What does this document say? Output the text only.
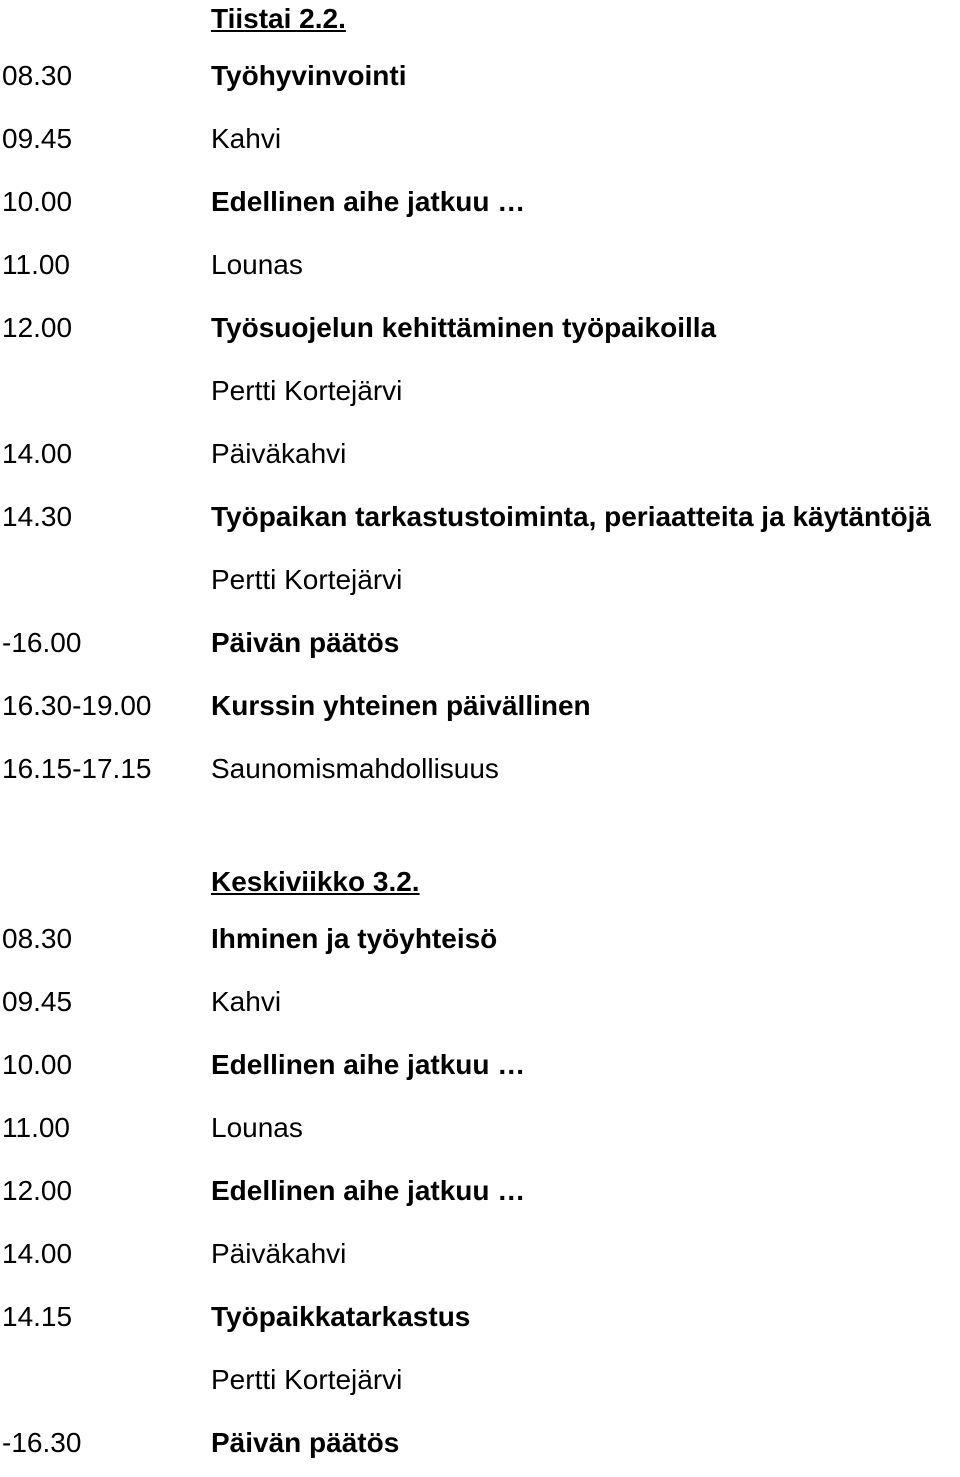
Tiistai 2.2.
08.30	Työhyvinvointi
09.45	Kahvi
10.00	Edellinen aihe jatkuu …
11.00	Lounas
12.00	Työsuojelun kehittäminen työpaikoilla
Pertti Kortejärvi
14.00	Päiväkahvi
14.30	Työpaikan tarkastustoiminta, periaatteita ja käytäntöjä
Pertti Kortejärvi
-16.00	Päivän päätös
16.30-19.00 Kurssin yhteinen päivällinen
16.15-17.15 Saunomismahdollisuus
Keskiviikko 3.2.
08.30	Ihminen ja työyhteisö
09.45	Kahvi
10.00	Edellinen aihe jatkuu …
11.00	Lounas
12.00	Edellinen aihe jatkuu …
14.00	Päiväkahvi
14.15	Työpaikkatarkastus
Pertti Kortejärvi
-16.30	Päivän päätös
